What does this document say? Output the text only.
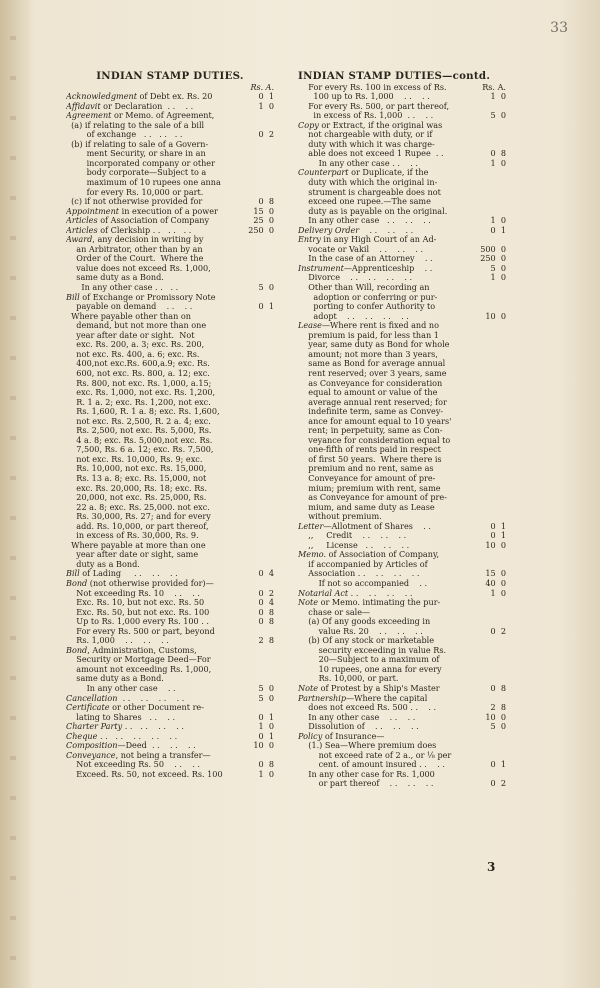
33
INDIAN STAMP DUTIES.
Rs. A.
Acknowledgment of Debt ex. Rs. 20	0  1
Affidavit or Declaration  . .    . .	1  0
Agreement or Memo. of Agreement,
(a) if relating to the sale of a bill
of exchange   . .   . .   . .	0  2
(b) if relating to sale of a Govern-
ment Security, or share in an
incorporated company or other
body corporate—Subject to a
maximum of 10 rupees one anna
for every Rs. 10,000 or part.
(c) if not otherwise provided for	0  8
Appointment in execution of a power	15  0
Articles of Association of Company	25  0
Articles of Clerkship . .   . .   . .	250  0
Award, any decision in writing by
an Arbitrator, other than by an
Order of the Court.  Where the
value does not exceed Rs. 1,000,
same duty as a Bond.
In any other case . .   . .	5  0
Bill of Exchange or Promissory Note
payable on demand    . .    . .	0  1
Where payable other than on
demand, but not more than one
year after date or sight.  Not
exc. Rs. 200, a. 3; exc. Rs. 200,
not exc. Rs. 400, a. 6; exc. Rs.
400,not exc.Rs. 600,a.9; exc. Rs.
600, not exc. Rs. 800, a. 12; exc.
Rs. 800, not exc. Rs. 1,000, a.15;
exc. Rs. 1,000, not exc. Rs. 1,200,
R. 1 a. 2; exc. Rs. 1,200, not exc.
Rs. 1,600, R. 1 a. 8; exc. Rs. 1,600,
not exc. Rs. 2,500, R. 2 a. 4; exc.
Rs. 2,500, not exc. Rs. 5,000, Rs.
4 a. 8; exc. Rs. 5,000,not exc. Rs.
7,500, Rs. 6 a. 12; exc. Rs. 7,500,
not exc. Rs. 10,000, Rs. 9; exc.
Rs. 10,000, not exc. Rs. 15,000,
Rs. 13 a. 8; exc. Rs. 15,000, not
exc. Rs. 20,000, Rs. 18; exc. Rs.
20,000, not exc. Rs. 25,000, Rs.
22 a. 8; exc. Rs. 25,000. not exc.
Rs. 30,000, Rs. 27; and for every
add. Rs. 10,000, or part thereof,
in excess of Rs. 30,000, Rs. 9.
Where payable at more than one
year after date or sight, same
duty as a Bond.
Bill of Lading     . .    . .    . .	0  4
Bond (not otherwise provided for)—
Not exceeding Rs. 10    . .    . .	0  2
Exc. Rs. 10, but not exc. Rs. 50	0  4
Exc. Rs. 50, but not exc. Rs. 100	0  8
Up to Rs. 1,000 every Rs. 100 . .	0  8
For every Rs. 500 or part, beyond
Rs. 1,000    . .    . .    . .	2  8
Bond, Administration, Customs,
Security or Mortgage Deed—For
amount not exceeding Rs. 1,000,
same duty as a Bond.
In any other case    . .	5  0
Cancellation  . .    . .    . .    . .	5  0
Certificate or other Document re-
lating to Shares   . .    . .	0  1
Charter Party . .   . .    . .    . .	1  0
Cheque . .   . .    . .    . .    . .	0  1
Composition—Deed  . .    . .    . .	10  0
Conveyance, not being a transfer—
Not exceeding Rs. 50    . .    . .	0  8
Exceed. Rs. 50, not exceed. Rs. 100	1  0
INDIAN STAMP DUTIES—contd.
For every Rs. 100 in excess of Rs.	Rs. A.
100 up to Rs. 1,000    . .    . .	1  0
For every Rs. 500, or part thereof,
in excess of Rs. 1,000  . .    . .	5  0
Copy or Extract, if the original was
not chargeable with duty, or if
duty with which it was charge-
able does not exceed 1 Rupee  . .	0  8
In any other case . .    . .	1  0
Counterpart or Duplicate, if the
duty with which the original in-
strument is chargeable does not
exceed one rupee.—The same
duty as is payable on the original.
In any other case   . .    . .    . .	1  0
Delivery Order    . .    . .    . .	0  1
Entry in any High Court of an Ad-
vocate or Vakil    . .    . .    . .	500  0
In the case of an Attorney    . .	250  0
Instrument—Apprenticeship    . .	5  0
Divorce    . .    . .    . .    . .	1  0
Other than Will, recording an
adoption or conferring or pur-
porting to confer Authority to
adopt    . .    . .    . .    . .	10  0
Lease—Where rent is fixed and no
premium is paid, for less than 1
year, same duty as Bond for whole
amount; not more than 3 years,
same as Bond for average annual
rent reserved; over 3 years, same
as Conveyance for consideration
equal to amount or value of the
average annual rent reserved; for
indefinite term, same as Convey-
ance for amount equal to 10 years'
rent; in perpetuity, same as Con-
veyance for consideration equal to
one-fifth of rents paid in respect
of first 50 years.  Where there is
premium and no rent, same as
Conveyance for amount of pre-
mium; premium with rent, same
as Conveyance for amount of pre-
mium, and same duty as Lease
without premium.
Letter—Allotment of Shares    . .	0  1
,,     Credit    . .    . .    . .	0  1
,,     License   . .    . .    . .	10  0
Memo. of Association of Company,
if accompanied by Articles of
Association . .    . .    . .    . .	15  0
If not so accompanied    . .	40  0
Notarial Act . .    . .    . .    . .	1  0
Note or Memo. intimating the pur-
chase or sale—
(a) Of any goods exceeding in
value Rs. 20    . .    . .    . .	0  2
(b) Of any stock or marketable
security exceeding in value Rs.
20—Subject to a maximum of
10 rupees, one anna for every
Rs. 10,000, or part.
Note of Protest by a Ship's Master	0  8
Partnership—Where the capital
does not exceed Rs. 500 . .    . .	2  8
In any other case    . .    . .	10  0
Dissolution of    . .    . .    . .	5  0
Policy of Insurance—
(1.) Sea—Where premium does
not exceed rate of 2 a., or ⅛ per
cent. of amount insured . .    . .	0  1
In any other case for Rs. 1,000
or part thereof    . .    . .    . .	0  2
3
